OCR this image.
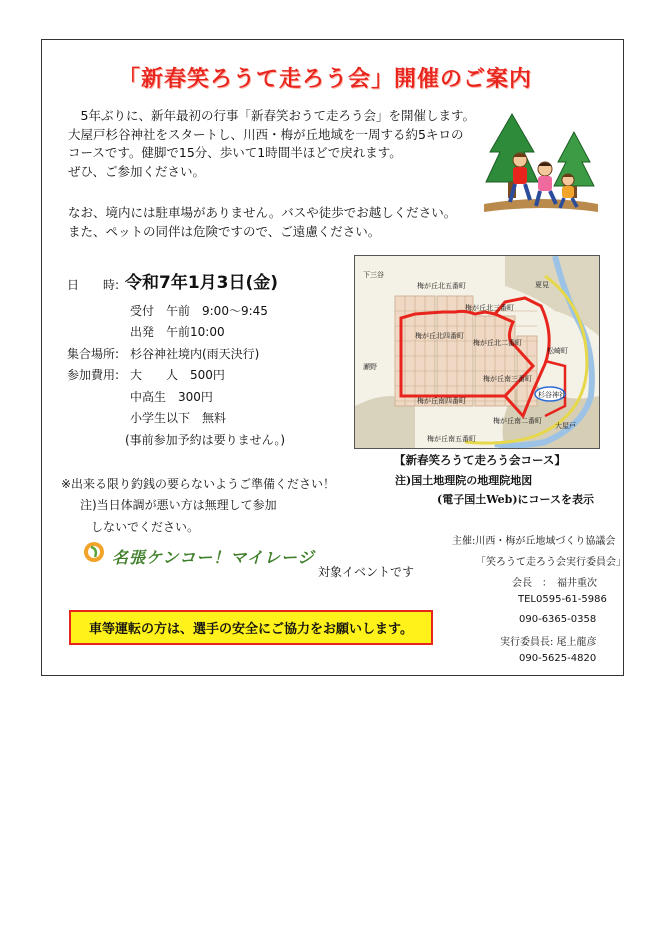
「新春笑ろうて走ろう会」開催のご案内
　5年ぶりに、新年最初の行事「新春笑おうて走ろう会」を開催します。
大屋戸杉谷神社をスタートし、川西・梅が丘地域を一周する約5キロの
コースです。健脚で15分、歩いて1時間半ほどで戻れます。
ぜひ、ご参加ください。
なお、境内には駐車場がありません。バスや徒歩でお越しください。
また、ペットの同伴は危険ですので、ご遠慮ください。
日　　時: 令和7年1月3日(金)
受付　午前　9:00～9:45
出発　午前10:00
集合場所: 杉谷神社境内(雨天決行)
参加費用: 大　　人　500円
中高生　300円
小学生以下　無料
(事前参加予約は要りません。)
梅が丘北五番町
梅が丘北三番町
梅が丘北四番町
梅が丘北二番町
梅が丘南三番町
梅が丘南四番町
梅が丘南五番町
梅が丘南二番町
松崎町
夏見
大屋戸
杉谷神社
下三谷
瀬野
【新春笑ろうて走ろう会コース】
注)国土地理院の地理院地図
(電子国土Web)にコースを表示
※出来る限り釣銭の要らないようご準備ください！
注)当日体調が悪い方は無理して参加
しないでください。
名張ケンコー！マイレージ
対象イベントです
車等運転の方は、選手の安全にご協力をお願いします。
主催:川西・梅が丘地域づくり協議会
「笑ろうて走ろう会実行委員会」
会長　：　福井重次
TEL0595-61-5986
090-6365-0358
実行委員長: 尾上龍彦
090-5625-4820
